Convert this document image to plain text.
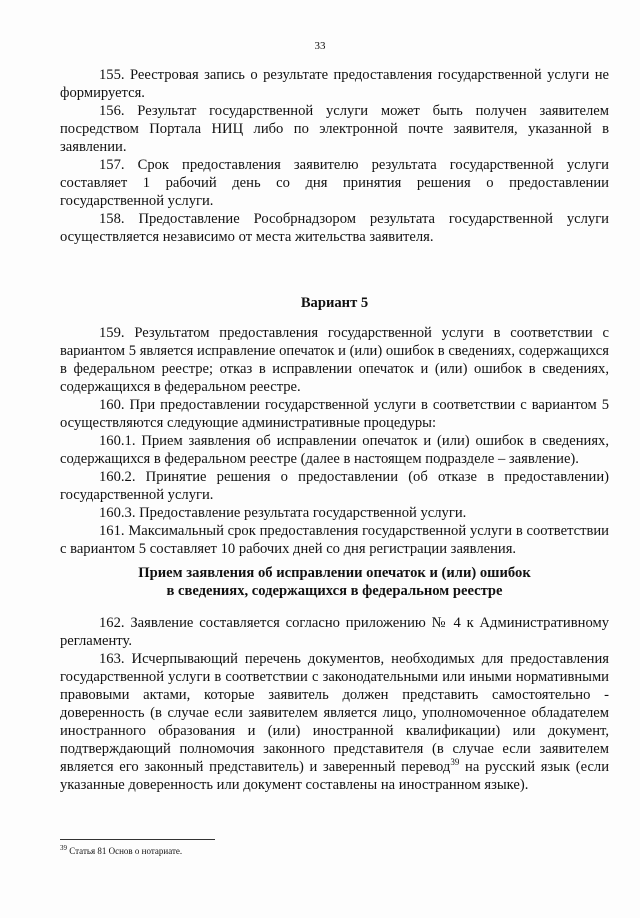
33

155. Реестровая запись о результате предоставления государственной услуги не формируется.

156. Результат государственной услуги может быть получен заявителем посредством Портала НИЦ либо по электронной почте заявителя, указанной в заявлении.

157. Срок предоставления заявителю результата государственной услуги составляет 1 рабочий день со дня принятия решения о предоставлении государственной услуги.

158. Предоставление Рособрнадзором результата государственной услуги осуществляется независимо от места жительства заявителя.

Вариант 5

159. Результатом предоставления государственной услуги в соответствии с вариантом 5 является исправление опечаток и (или) ошибок в сведениях, содержащихся в федеральном реестре; отказ в исправлении опечаток и (или) ошибок в сведениях, содержащихся в федеральном реестре.

160. При предоставлении государственной услуги в соответствии с вариантом 5 осуществляются следующие административные процедуры:

160.1. Прием заявления об исправлении опечаток и (или) ошибок в сведениях, содержащихся в федеральном реестре (далее в настоящем подразделе – заявление).

160.2. Принятие решения о предоставлении (об отказе в предоставлении) государственной услуги.

160.3. Предоставление результата государственной услуги.

161. Максимальный срок предоставления государственной услуги в соответствии с вариантом 5 составляет 10 рабочих дней со дня регистрации заявления.

Прием заявления об исправлении опечаток и (или) ошибок
в сведениях, содержащихся в федеральном реестре

162. Заявление составляется согласно приложению № 4 к Административному регламенту.

163. Исчерпывающий перечень документов, необходимых для предоставления государственной услуги в соответствии с законодательными или иными нормативными правовыми актами, которые заявитель должен представить самостоятельно - доверенность (в случае если заявителем является лицо, уполномоченное обладателем иностранного образования и (или) иностранной квалификации) или документ, подтверждающий полномочия законного представителя (в случае если заявителем является его законный представитель) и заверенный перевод$^{39}$ на русский язык (если указанные доверенность или документ составлены на иностранном языке).

$^{39}$ Статья 81 Основ о нотариате.
